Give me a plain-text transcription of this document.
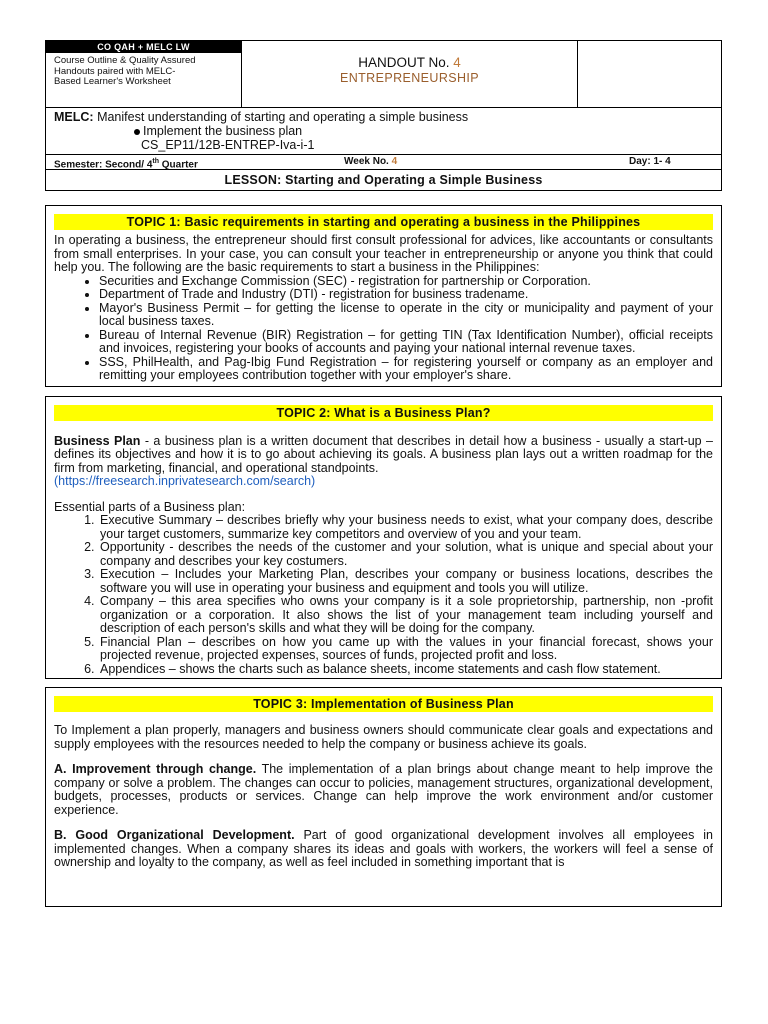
CO QAH + MELC LW
Course Outline & Quality Assured
Handouts paired with MELC-
Based Learner's Worksheet
HANDOUT No. 4
ENTREPRENEURSHIP
MELC: Manifest understanding of starting and operating a simple business
Implement the business plan
CS_EP11/12B-ENTREP-Iva-i-1
Semester: Second/ 4th Quarter	Week No. 4	Day: 1- 4
LESSON: Starting and Operating a Simple Business
TOPIC 1: Basic requirements in starting and operating a business in the Philippines

In operating a business, the entrepreneur should first consult professional for advices, like accountants or consultants from small enterprises. In your case, you can consult your teacher in entrepreneurship or anyone you think that could help you. The following are the basic requirements to start a business in the Philippines:

• Securities and Exchange Commission (SEC) - registration for partnership or Corporation.
• Department of Trade and Industry (DTI) - registration for business tradename.
• Mayor's Business Permit – for getting the license to operate in the city or municipality and payment of your local business taxes.
• Bureau of Internal Revenue (BIR) Registration – for getting TIN (Tax Identification Number), official receipts and invoices, registering your books of accounts and paying your national internal revenue taxes.
• SSS, PhilHealth, and Pag-Ibig Fund Registration – for registering yourself or company as an employer and remitting your employees contribution together with your employer's share.
TOPIC 2: What is a Business Plan?

Business Plan - a business plan is a written document that describes in detail how a business - usually a start-up – defines its objectives and how it is to go about achieving its goals. A business plan lays out a written roadmap for the firm from marketing, financial, and operational standpoints.

(https://freesearch.inprivatesearch.com/search)

Essential parts of a Business plan:

1. Executive Summary – describes briefly why your business needs to exist, what your company does, describe your target customers, summarize key competitors and overview of you and your team.
2. Opportunity - describes the needs of the customer and your solution, what is unique and special about your company and describes your key costumers.
3. Execution – Includes your Marketing Plan, describes your company or business locations, describes the software you will use in operating your business and equipment and tools you will utilize.
4. Company – this area specifies who owns your company is it a sole proprietorship, partnership, non -profit organization or a corporation. It also shows the list of your management team including yourself and description of each person's skills and what they will be doing for the company.
5. Financial Plan – describes on how you came up with the values in your financial forecast, shows your projected revenue, projected expenses, sources of funds, projected profit and loss.
6. Appendices – shows the charts such as balance sheets, income statements and cash flow statement.
TOPIC 3: Implementation of Business Plan

To Implement a plan properly, managers and business owners should communicate clear goals and expectations and supply employees with the resources needed to help the company or business achieve its goals.

A. Improvement through change. The implementation of a plan brings about change meant to help improve the company or solve a problem. The changes can occur to policies, management structures, organizational development, budgets, processes, products or services. Change can help improve the work environment and/or customer experience.

B. Good Organizational Development. Part of good organizational development involves all employees in implemented changes. When a company shares its ideas and goals with workers, the workers will feel a sense of ownership and loyalty to the company, as well as feel included in something important that is
